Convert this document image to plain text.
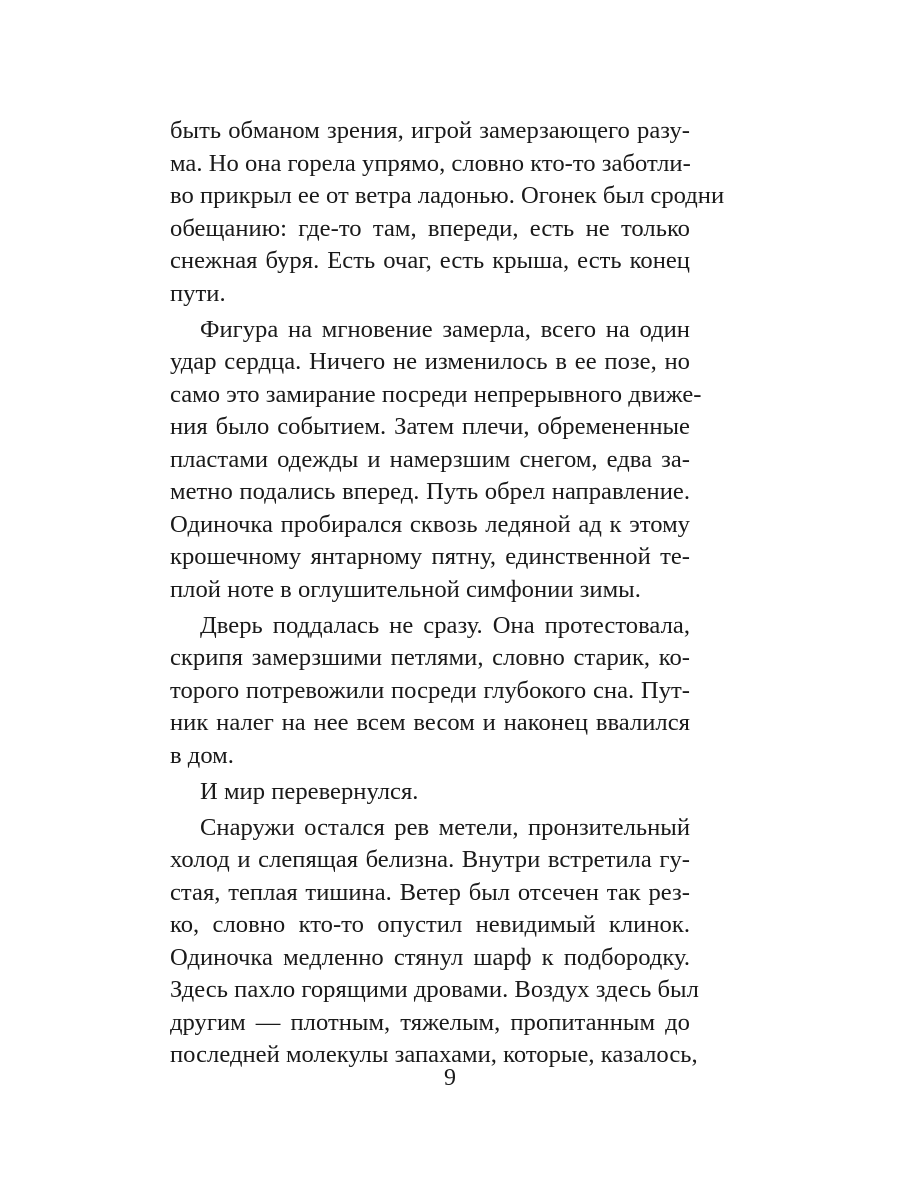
быть обманом зрения, игрой замерзающего разу-
ма. Но она горела упрямо, словно кто-то заботли-
во прикрыл ее от ветра ладонью. Огонек был сродни
обещанию: где-то там, впереди, есть не только
снежная буря. Есть очаг, есть крыша, есть конец
пути.
Фигура на мгновение замерла, всего на один
удар сердца. Ничего не изменилось в ее позе, но
само это замирание посреди непрерывного движе-
ния было событием. Затем плечи, обремененные
пластами одежды и намерзшим снегом, едва за-
метно подались вперед. Путь обрел направление.
Одиночка пробирался сквозь ледяной ад к этому
крошечному янтарному пятну, единственной те-
плой ноте в оглушительной симфонии зимы.
Дверь поддалась не сразу. Она протестовала,
скрипя замерзшими петлями, словно старик, ко-
торого потревожили посреди глубокого сна. Пут-
ник налег на нее всем весом и наконец ввалился
в дом.
И мир перевернулся.
Снаружи остался рев метели, пронзительный
холод и слепящая белизна. Внутри встретила гу-
стая, теплая тишина. Ветер был отсечен так рез-
ко, словно кто-то опустил невидимый клинок.
Одиночка медленно стянул шарф к подбородку.
Здесь пахло горящими дровами. Воздух здесь был
другим — плотным, тяжелым, пропитанным до
последней молекулы запахами, которые, казалось,
9
